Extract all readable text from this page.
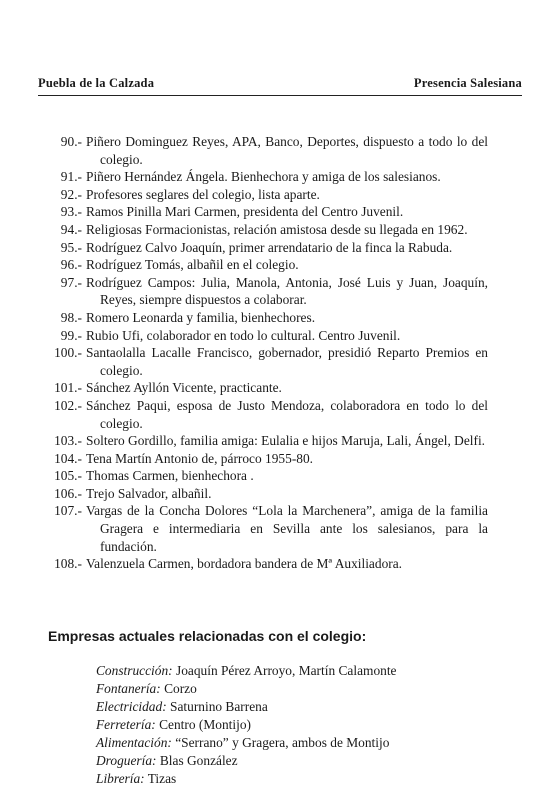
Puebla de la Calzada	Presencia Salesiana
90.- Piñero Dominguez Reyes, APA, Banco, Deportes, dispuesto a todo lo del colegio.
91.- Piñero Hernández Ángela. Bienhechora y amiga de los salesianos.
92.- Profesores seglares del colegio, lista aparte.
93.- Ramos Pinilla Mari Carmen, presidenta del Centro Juvenil.
94.- Religiosas Formacionistas, relación amistosa desde su llegada en 1962.
95.- Rodríguez Calvo Joaquín, primer arrendatario de la finca la Rabuda.
96.- Rodríguez Tomás, albañil en el colegio.
97.- Rodríguez Campos: Julia, Manola, Antonia, José Luis y Juan, Joaquín, Reyes, siempre dispuestos a colaborar.
98.- Romero Leonarda y familia, bienhechores.
99.- Rubio Ufi, colaborador en todo lo cultural. Centro Juvenil.
100.- Santaolalla Lacalle Francisco, gobernador, presidió Reparto Premios en colegio.
101.- Sánchez Ayllón Vicente, practicante.
102.- Sánchez Paqui, esposa de Justo Mendoza, colaboradora en todo lo del colegio.
103.- Soltero Gordillo, familia amiga: Eulalia e hijos Maruja, Lali, Ángel, Delfi.
104.- Tena Martín Antonio de, párroco 1955-80.
105.- Thomas Carmen, bienhechora .
106.- Trejo Salvador, albañil.
107.- Vargas de la Concha Dolores “Lola la Marchenera”, amiga de la familia Gragera e intermediaria en Sevilla ante los salesianos, para la fundación.
108.- Valenzuela Carmen, bordadora bandera de Mª Auxiliadora.
Empresas actuales relacionadas con el colegio:
Construcción: Joaquín Pérez Arroyo, Martín Calamonte
Fontanería: Corzo
Electricidad: Saturnino Barrena
Ferretería: Centro (Montijo)
Alimentación: “Serrano” y Gragera, ambos de Montijo
Droguería: Blas González
Librería: Tizas
